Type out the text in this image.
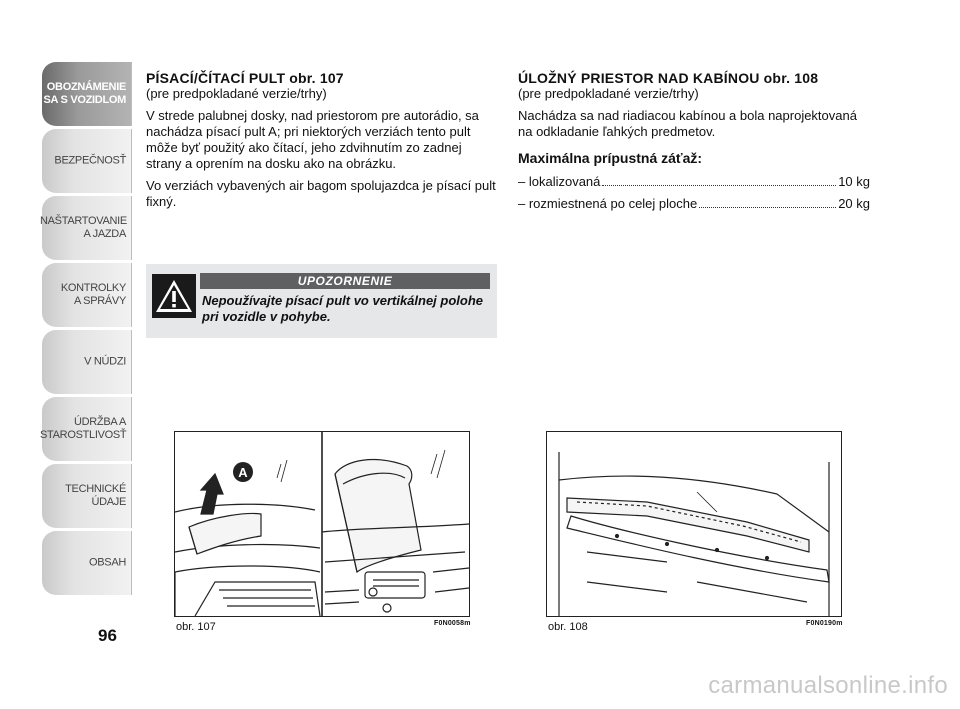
OBOZNÁMENIE
SA S VOZIDLOM
BEZPEČNOSŤ
NAŠTARTOVANIE
A JAZDA
KONTROLKY
A SPRÁVY
V NÚDZI
ÚDRŽBA A
STAROSTLIVOSŤ
TECHNICKÉ
ÚDAJE
OBSAH
96

PÍSACÍ/ČÍTACÍ PULT obr. 107

(pre predpokladané verzie/trhy)

V strede palubnej dosky, nad priestorom pre autorádio, sa nachádza písací pult A; pri niektorých verziách tento pult môže byť použitý ako čítací, jeho zdvihnutím zo zadnej strany a oprením na dosku ako na obrázku.

Vo verziách vybavených air bagom spolujazdca je písací pult fixný.

UPOZORNENIE
Nepoužívajte písací pult vo vertikálnej polohe pri vozidle v pohybe.

ÚLOŽNÝ PRIESTOR NAD KABÍNOU obr. 108

(pre predpokladané verzie/trhy)

Nachádza sa nad riadiacou kabínou a bola naprojektovaná na odkladanie ľahkých predmetov.

Maximálna prípustná záťaž:

– lokalizovaná	10 kg
– rozmiestnená po celej ploche	20 kg
A
obr. 107	F0N0058m	obr. 108	F0N0190m
carmanualsonline.info
